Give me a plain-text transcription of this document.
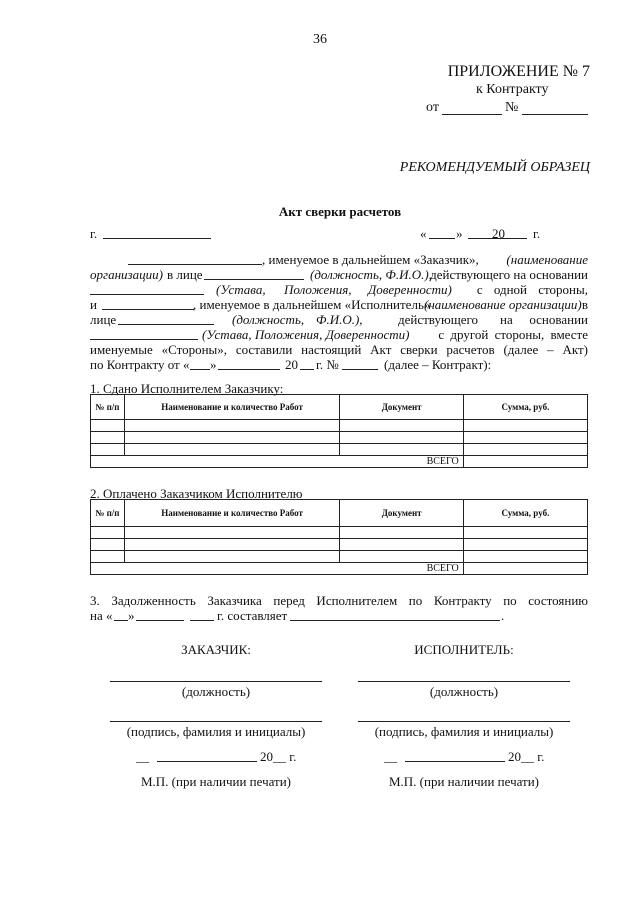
36
ПРИЛОЖЕНИЕ № 7
к Контракту
от	№
РЕКОМЕНДУЕМЫЙ ОБРАЗЕЦ
Акт сверки расчетов
г.	« » 20 г.
, именуемое в дальнейшем «Заказчик», (наименование
организации) в лице	(должность, Ф.И.О.),
действующего на основании
(Устава, Положения, Доверенности) с одной стороны,
и	, именуемое в дальнейшем «Исполнитель»
(наименование организации) в
лице	(должность, Ф.И.О.),	действующего на основании
(Устава, Положения, Доверенности) с другой стороны, вместе
именуемые «Стороны», составили настоящий Акт сверки расчетов (далее – Акт)
по Контракту от « »	20 г. №	(далее – Контракт):
1. Сдано Исполнителем Заказчику:
№ п/п	Наименование и количество Работ	Документ	Сумма, руб.

ВСЕГО			
2. Оплачено Заказчиком Исполнителю
№ п/п	Наименование и количество Работ	Документ	Сумма, руб.

ВСЕГО			
3. Задолженность Заказчика перед Исполнителем по Контракту по состоянию
на « »	г. составляет	.
ЗАКАЗЧИК:	ИСПОЛНИТЕЛЬ:
(должность)	(должность)
(подпись, фамилия и инициалы)	(подпись, фамилия и инициалы)
__	20__ г.	__	20__ г.
М.П. (при наличии печати)	М.П. (при наличии печати)
